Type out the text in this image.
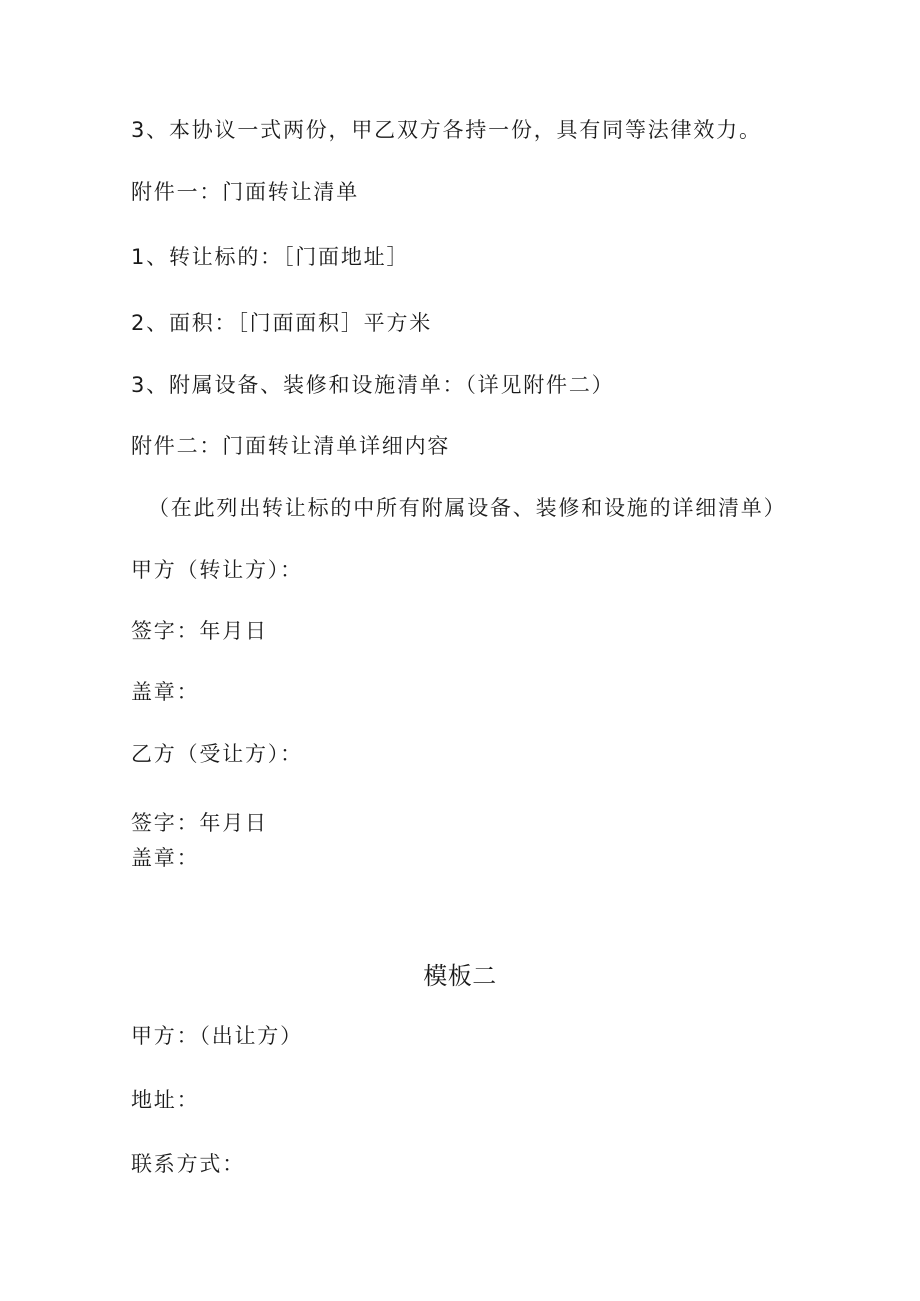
3、本协议一式两份，甲乙双方各持一份，具有同等法律效力。
附件一：门面转让清单
1、转让标的：［门面地址］
2、面积：［门面面积］平方米
3、附属设备、装修和设施清单：（详见附件二）
附件二：门面转让清单详细内容
（在此列出转让标的中所有附属设备、装修和设施的详细清单）
甲方（转让方）：
签字：年月日
盖章：
乙方（受让方）：
签字：年月日
盖章：
模板二
甲方：（出让方）
地址：
联系方式：
